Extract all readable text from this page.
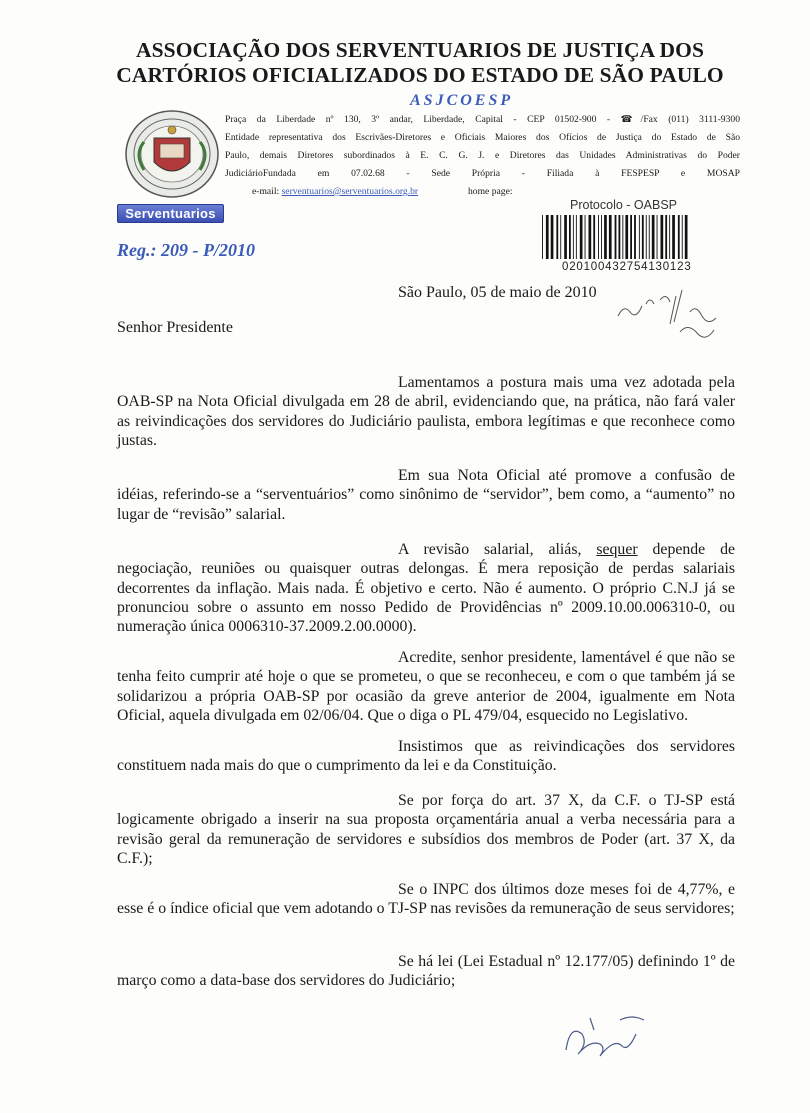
ASSOCIAÇÃO DOS SERVENTUARIOS DE JUSTIÇA DOS
CARTÓRIOS OFICIALIZADOS DO ESTADO DE SÃO PAULO
ASJCOESP

Praça da Liberdade nº 130, 3º andar, Liberdade, Capital - CEP 01502-900 - ☎/Fax (011) 3111-9300

Entidade representativa dos Escrivães-Diretores e Oficiais Maiores dos Ofícios de Justiça do Estado de São

Paulo, demais Diretores subordinados à E. C. G. J. e Diretores das Unidades Administrativas do Poder

JudiciárioFundada em 07.02.68 - Sede Própria - Filiada à FESPESP e MOSAP

e-mail: serventuarios@serventuarios.org.br	home page:
Serventuarios
Protocolo - OABSP
020100432754130123
Reg.: 209 - P/2010
São Paulo, 05 de maio de 2010
Senhor Presidente
Lamentamos a postura mais uma vez adotada pela OAB-SP na Nota Oficial divulgada em 28 de abril, evidenciando que, na prática, não fará valer as reivindicações dos servidores do Judiciário paulista, embora legítimas e que reconhece como justas.
Em sua Nota Oficial até promove a confusão de idéias, referindo-se a “serventuários” como sinônimo de “servidor”, bem como, a “aumento” no lugar de “revisão” salarial.
A revisão salarial, aliás, sequer depende de negociação, reuniões ou quaisquer outras delongas. É mera reposição de perdas salariais decorrentes da inflação. Mais nada. É objetivo e certo. Não é aumento. O próprio C.N.J já se pronunciou sobre o assunto em nosso Pedido de Providências nº 2009.10.00.006310-0, ou numeração única 0006310-37.2009.2.00.0000).
Acredite, senhor presidente, lamentável é que não se tenha feito cumprir até hoje o que se prometeu, o que se reconheceu, e com o que também já se solidarizou a própria OAB-SP por ocasião da greve anterior de 2004, igualmente em Nota Oficial, aquela divulgada em 02/06/04. Que o diga o PL 479/04, esquecido no Legislativo.
Insistimos que as reivindicações dos servidores constituem nada mais do que o cumprimento da lei e da Constituição.
Se por força do art. 37 X, da C.F. o TJ-SP está logicamente obrigado a inserir na sua proposta orçamentária anual a verba necessária para a revisão geral da remuneração de servidores e subsídios dos membros de Poder (art. 37 X, da C.F.);
Se o INPC dos últimos doze meses foi de 4,77%, e esse é o índice oficial que vem adotando o TJ-SP nas revisões da remuneração de seus servidores;
Se há lei (Lei Estadual nº 12.177/05) definindo 1º de março como a data-base dos servidores do Judiciário;
